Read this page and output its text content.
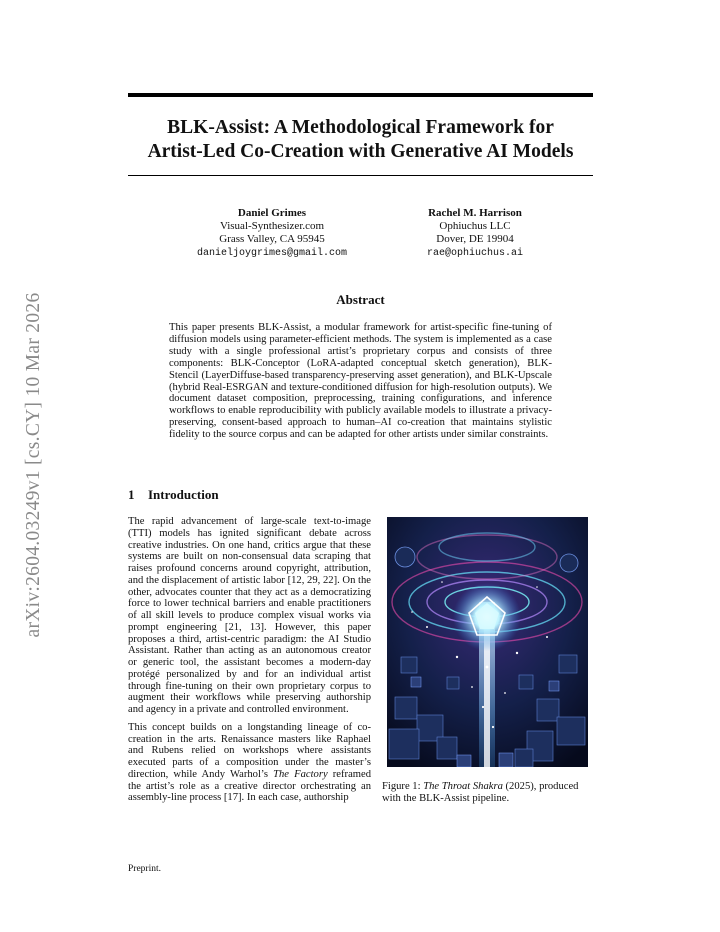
arXiv:2604.03249v1 [cs.CY] 10 Mar 2026
BLK-Assist: A Methodological Framework for
Artist-Led Co-Creation with Generative AI Models
Daniel Grimes
Visual-Synthesizer.com
Grass Valley, CA 95945
danieljoygrimes@gmail.com
Rachel M. Harrison
Ophiuchus LLC
Dover, DE 19904
rae@ophiuchus.ai
Abstract

This paper presents BLK-Assist, a modular framework for artist-specific fine-tuning of diffusion models using parameter-efficient methods. The system is implemented as a case study with a single professional artist’s proprietary corpus and consists of three components: BLK-Conceptor (LoRA-adapted conceptual sketch generation), BLK-Stencil (LayerDiffuse-based transparency-preserving asset generation), and BLK-Upscale (hybrid Real-ESRGAN and texture-conditioned diffusion for high-resolution outputs). We document dataset composition, preprocessing, training configurations, and inference workflows to enable reproducibility with publicly available models to illustrate a privacy-preserving, consent-based approach to human–AI co-creation that maintains stylistic fidelity to the source corpus and can be adapted for other artists under similar constraints.

1 Introduction

The rapid advancement of large-scale text-to-image (TTI) models has ignited significant debate across creative industries. On one hand, critics argue that these systems are built on non-consensual data scraping that raises profound concerns around copyright, attribution, and the displacement of artistic labor [12, 29, 22]. On the other, advocates counter that they act as a democratizing force to lower technical barriers and enable practitioners of all skill levels to produce complex visual works via prompt engineering [21, 13]. However, this paper proposes a third, artist-centric paradigm: the AI Studio Assistant. Rather than acting as an autonomous creator or generic tool, the assistant becomes a modern-day protégé personalized by and for an individual artist through fine-tuning on their own proprietary corpus to augment their workflows while preserving authorship and agency in a private and controlled environment.

This concept builds on a longstanding lineage of co-creation in the arts. Renaissance masters like Raphael and Rubens relied on workshops where assistants executed parts of a composition under the master’s direction, while Andy Warhol’s The Factory reframed the artist’s role as a creative director orchestrating an assembly-line process [17]. In each case, authorship

Figure 1: The Throat Shakra (2025), produced with the BLK-Assist pipeline.
Preprint.
